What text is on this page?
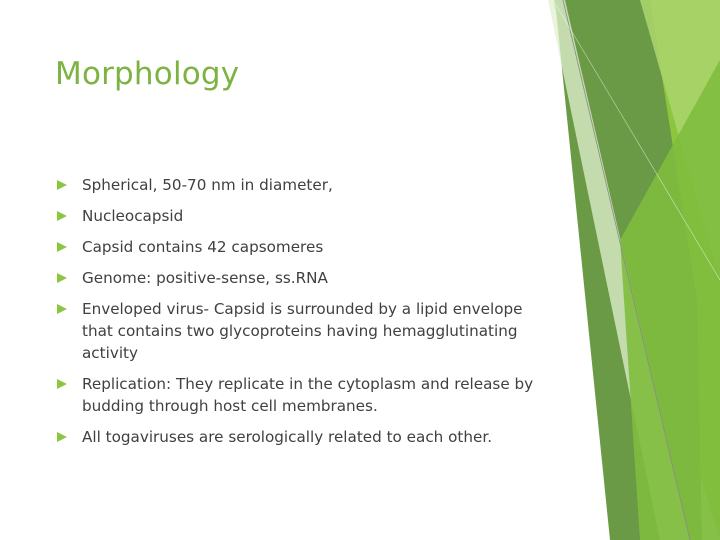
Morphology
Spherical, 50-70 nm in diameter,
Nucleocapsid
Capsid contains 42 capsomeres
Genome: positive-sense, ss.RNA
Enveloped virus- Capsid is surrounded by a lipid envelope that contains two glycoproteins having hemagglutinating activity
Replication: They replicate in the cytoplasm and release by budding through host cell membranes.
All togaviruses are serologically related to each other.
